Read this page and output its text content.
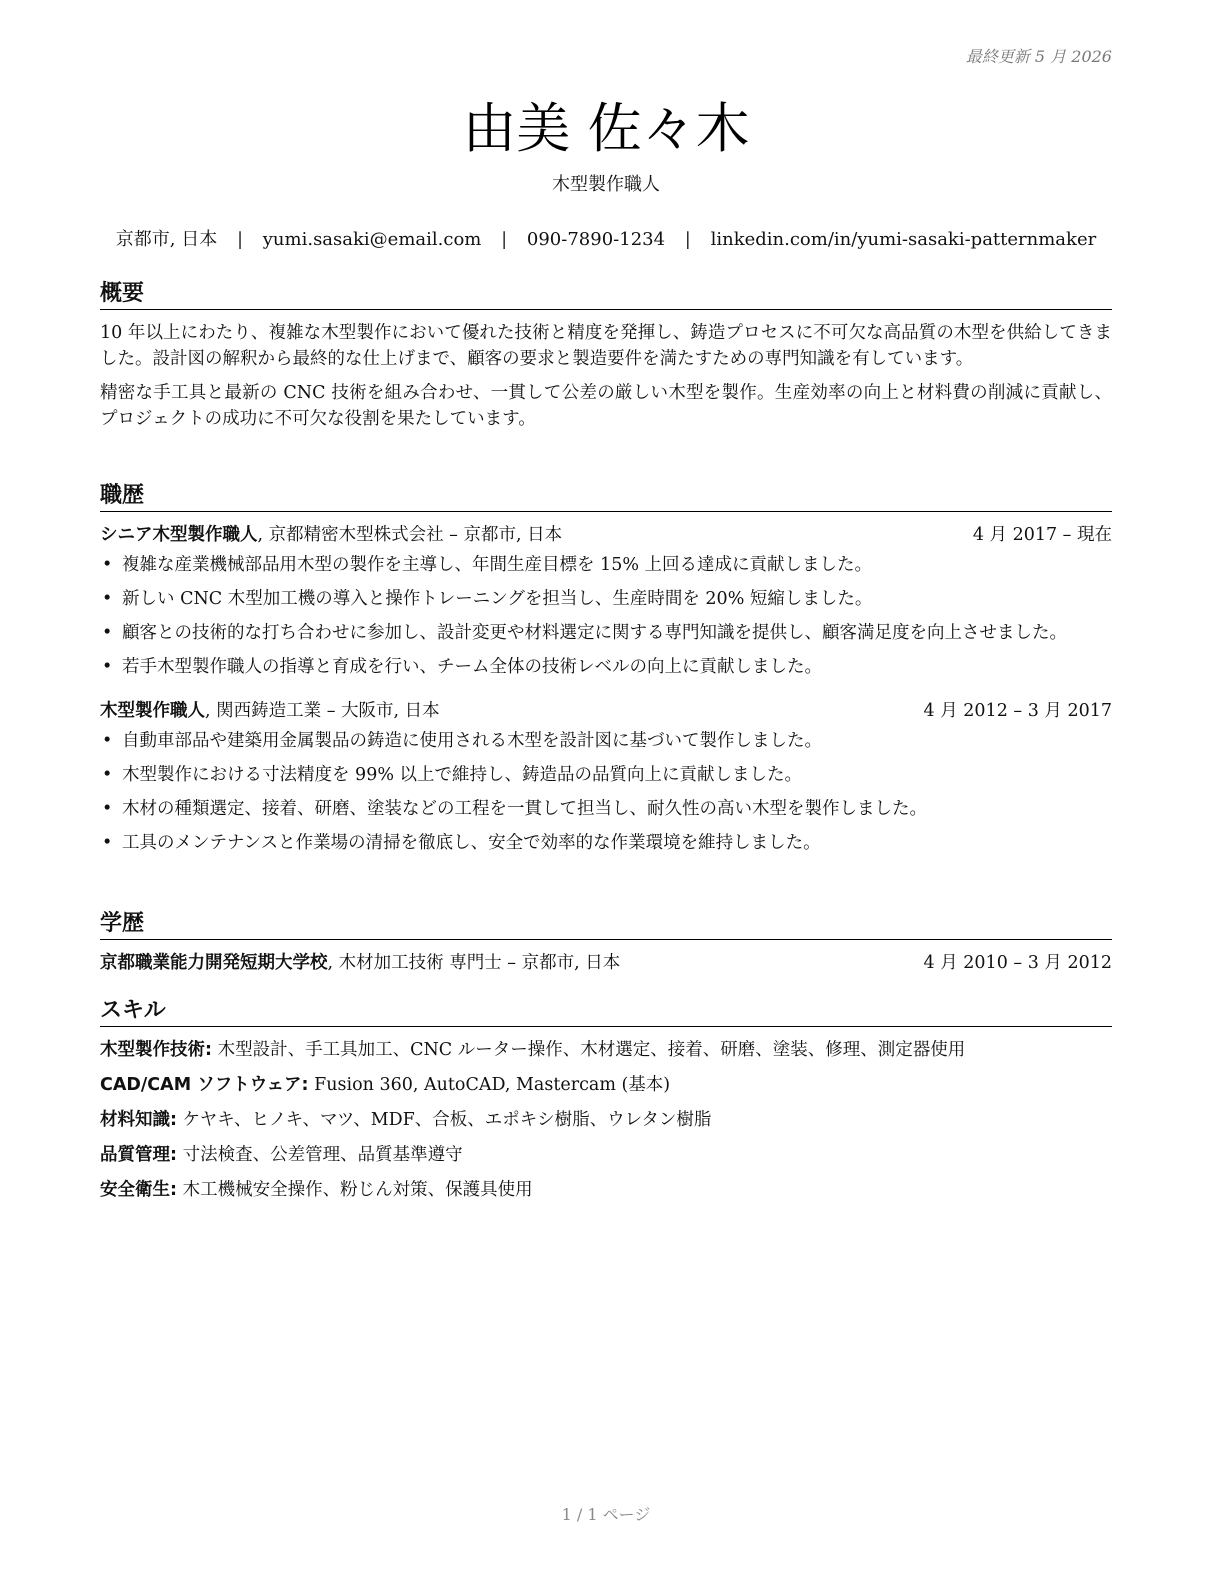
最終更新 5 月 2026
由美 佐々木
木型製作職人
京都市, 日本 | yumi.sasaki@email.com | 090-7890-1234 | linkedin.com/in/yumi-sasaki-patternmaker
概要

10 年以上にわたり、複雑な木型製作において優れた技術と精度を発揮し、鋳造プロセスに不可欠な高品質の木型を供給してきました。設計図の解釈から最終的な仕上げまで、顧客の要求と製造要件を満たすための専門知識を有しています。

精密な手工具と最新の CNC 技術を組み合わせ、一貫して公差の厳しい木型を製作。生産効率の向上と材料費の削減に貢献し、プロジェクトの成功に不可欠な役割を果たしています。

職歴
シニア木型製作職人, 京都精密木型株式会社 – 京都市, 日本	4 月 2017 – 現在
• 複雑な産業機械部品用木型の製作を主導し、年間生産目標を 15% 上回る達成に貢献しました。
• 新しい CNC 木型加工機の導入と操作トレーニングを担当し、生産時間を 20% 短縮しました。
• 顧客との技術的な打ち合わせに参加し、設計変更や材料選定に関する専門知識を提供し、顧客満足度を向上させました。
• 若手木型製作職人の指導と育成を行い、チーム全体の技術レベルの向上に貢献しました。
木型製作職人, 関西鋳造工業 – 大阪市, 日本	4 月 2012 – 3 月 2017
• 自動車部品や建築用金属製品の鋳造に使用される木型を設計図に基づいて製作しました。
• 木型製作における寸法精度を 99% 以上で維持し、鋳造品の品質向上に貢献しました。
• 木材の種類選定、接着、研磨、塗装などの工程を一貫して担当し、耐久性の高い木型を製作しました。
• 工具のメンテナンスと作業場の清掃を徹底し、安全で効率的な作業環境を維持しました。
学歴
京都職業能力開発短期大学校, 木材加工技術 専門士 – 京都市, 日本	4 月 2010 – 3 月 2012
スキル
木型製作技術: 木型設計、手工具加工、CNC ルーター操作、木材選定、接着、研磨、塗装、修理、測定器使用
CAD/CAM ソフトウェア: Fusion 360, AutoCAD, Mastercam (基本)
材料知識: ケヤキ、ヒノキ、マツ、MDF、合板、エポキシ樹脂、ウレタン樹脂
品質管理: 寸法検査、公差管理、品質基準遵守
安全衛生: 木工機械安全操作、粉じん対策、保護具使用
1 / 1 ページ
